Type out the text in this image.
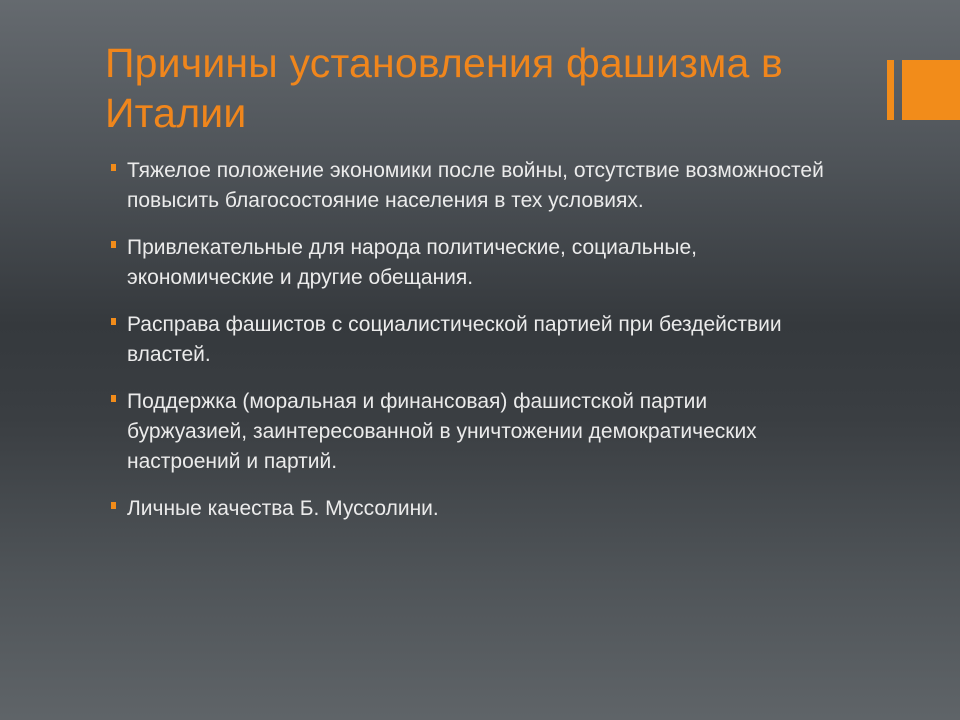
Причины установления фашизма в Италии
Тяжелое положение экономики после войны, отсутствие возможностей повысить благосостояние населения в тех условиях.
Привлекательные для народа политические, социальные, экономические и другие обещания.
Расправа фашистов с социалистической партией при бездействии властей.
Поддержка (моральная и финансовая) фашистской партии буржуазией, заинтересованной в уничтожении демократических настроений и партий.
Личные качества Б. Муссолини.
